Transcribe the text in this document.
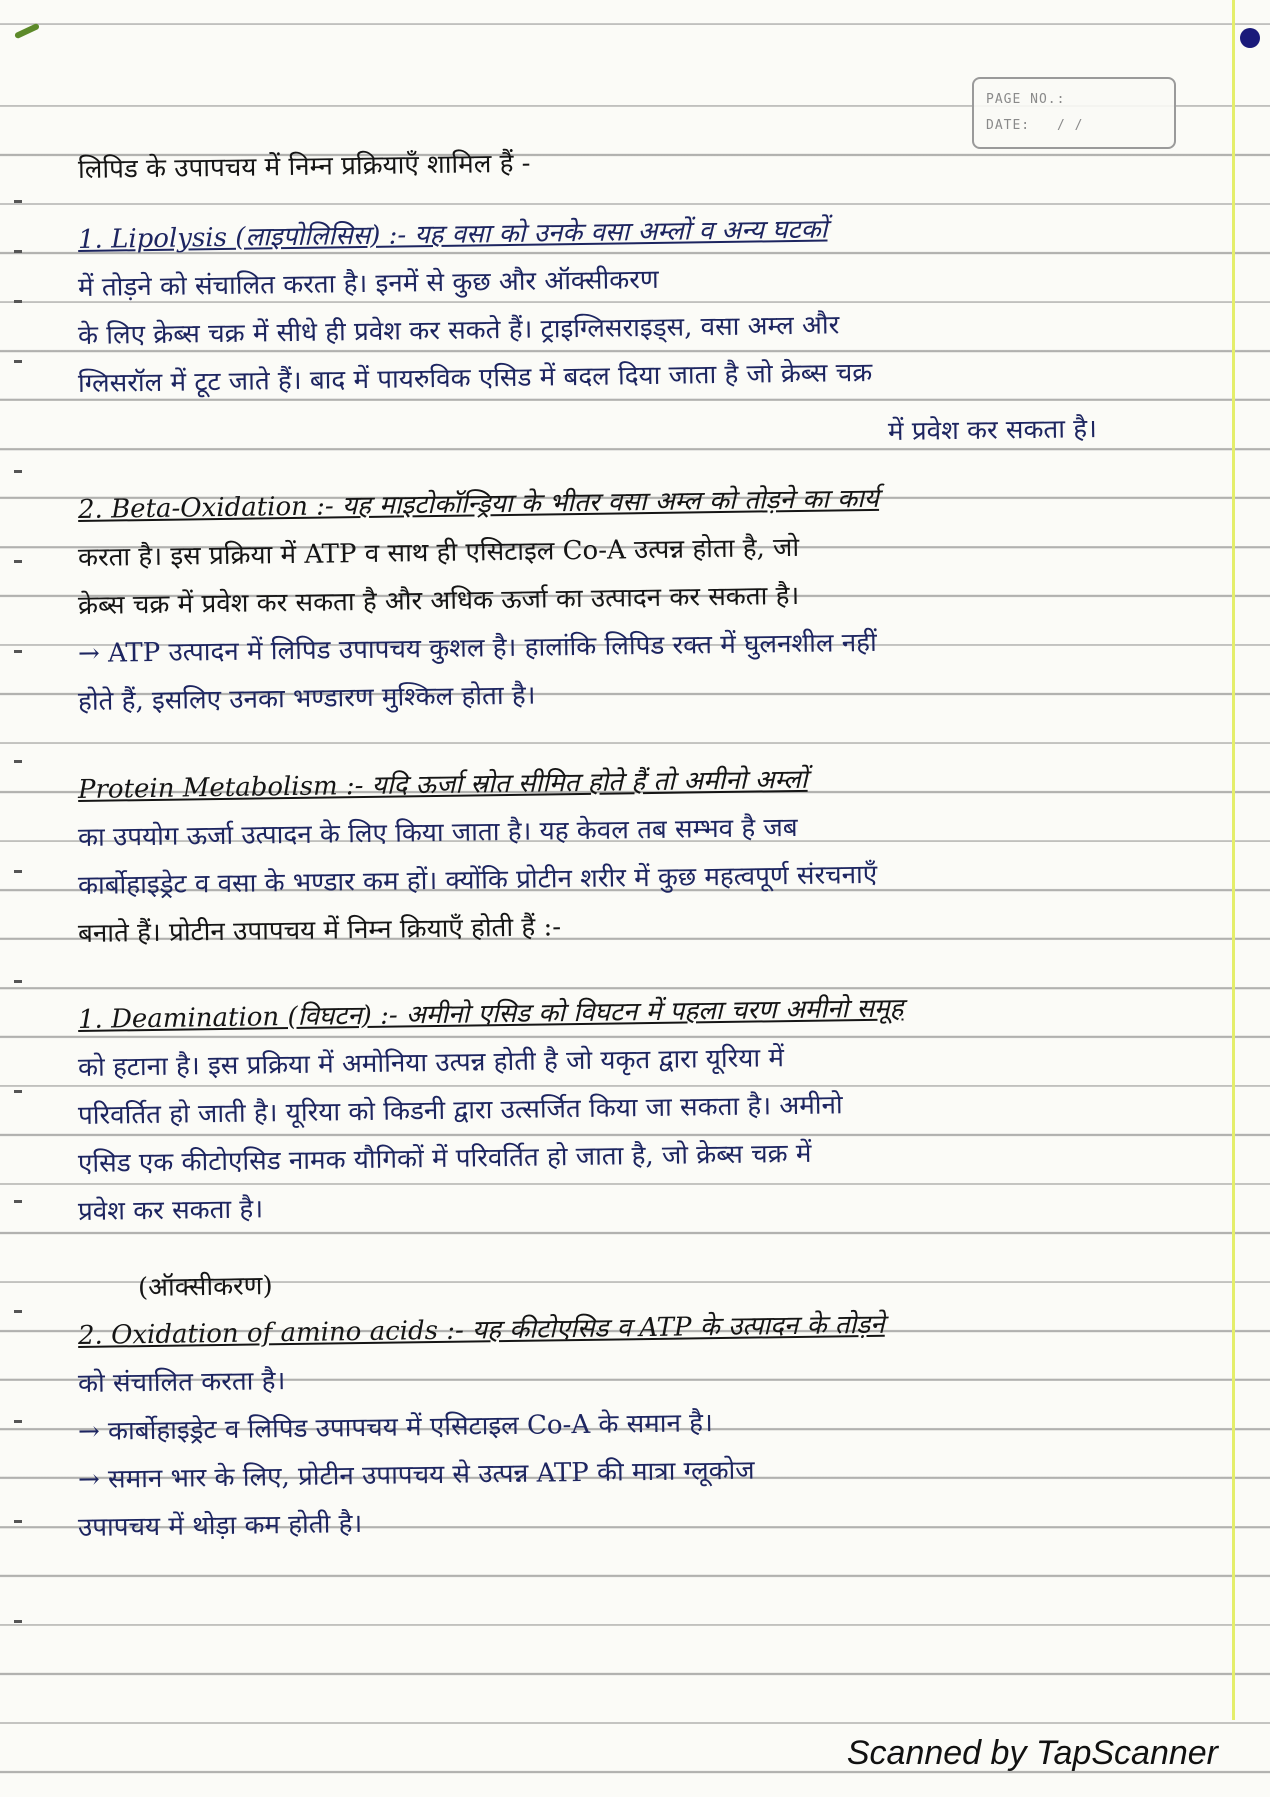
PAGE NO.:
DATE: / /
लिपिड के उपापचय में निम्न प्रक्रियाएँ शामिल हैं -
1. Lipolysis (लाइपोलिसिस) :- यह वसा को उनके वसा अम्लों व अन्य घटकों
में तोड़ने को संचालित करता है। इनमें से कुछ और ऑक्सीकरण
के लिए क्रेब्स चक्र में सीधे ही प्रवेश कर सकते हैं। ट्राइग्लिसराइड्स, वसा अम्ल और
ग्लिसरॉल में टूट जाते हैं। बाद में पायरुविक एसिड में बदल दिया जाता है जो क्रेब्स चक्र
में प्रवेश कर सकता है।
2. Beta-Oxidation :- यह माइटोकॉन्ड्रिया के भीतर वसा अम्ल को तोड़ने का कार्य
करता है। इस प्रक्रिया में ATP व साथ ही एसिटाइल Co-A उत्पन्न होता है, जो
क्रेब्स चक्र में प्रवेश कर सकता है और अधिक ऊर्जा का उत्पादन कर सकता है।
→ ATP उत्पादन में लिपिड उपापचय कुशल है। हालांकि लिपिड रक्त में घुलनशील नहीं
होते हैं, इसलिए उनका भण्डारण मुश्किल होता है।
Protein Metabolism :- यदि ऊर्जा स्रोत सीमित होते हैं तो अमीनो अम्लों
का उपयोग ऊर्जा उत्पादन के लिए किया जाता है। यह केवल तब सम्भव है जब
कार्बोहाइड्रेट व वसा के भण्डार कम हों। क्योंकि प्रोटीन शरीर में कुछ महत्वपूर्ण संरचनाएँ
बनाते हैं। प्रोटीन उपापचय में निम्न क्रियाएँ होती हैं :-
1. Deamination (विघटन) :- अमीनो एसिड को विघटन में पहला चरण अमीनो समूह
को हटाना है। इस प्रक्रिया में अमोनिया उत्पन्न होती है जो यकृत द्वारा यूरिया में
परिवर्तित हो जाती है। यूरिया को किडनी द्वारा उत्सर्जित किया जा सकता है। अमीनो
एसिड एक कीटोएसिड नामक यौगिकों में परिवर्तित हो जाता है, जो क्रेब्स चक्र में
प्रवेश कर सकता है।
(ऑक्सीकरण)
2. Oxidation of amino acids :- यह कीटोएसिड व ATP के उत्पादन के तोड़ने
को संचालित करता है।
→ कार्बोहाइड्रेट व लिपिड उपापचय में एसिटाइल Co-A के समान है।
→ समान भार के लिए, प्रोटीन उपापचय से उत्पन्न ATP की मात्रा ग्लूकोज
उपापचय में थोड़ा कम होती है।
Scanned by TapScanner
